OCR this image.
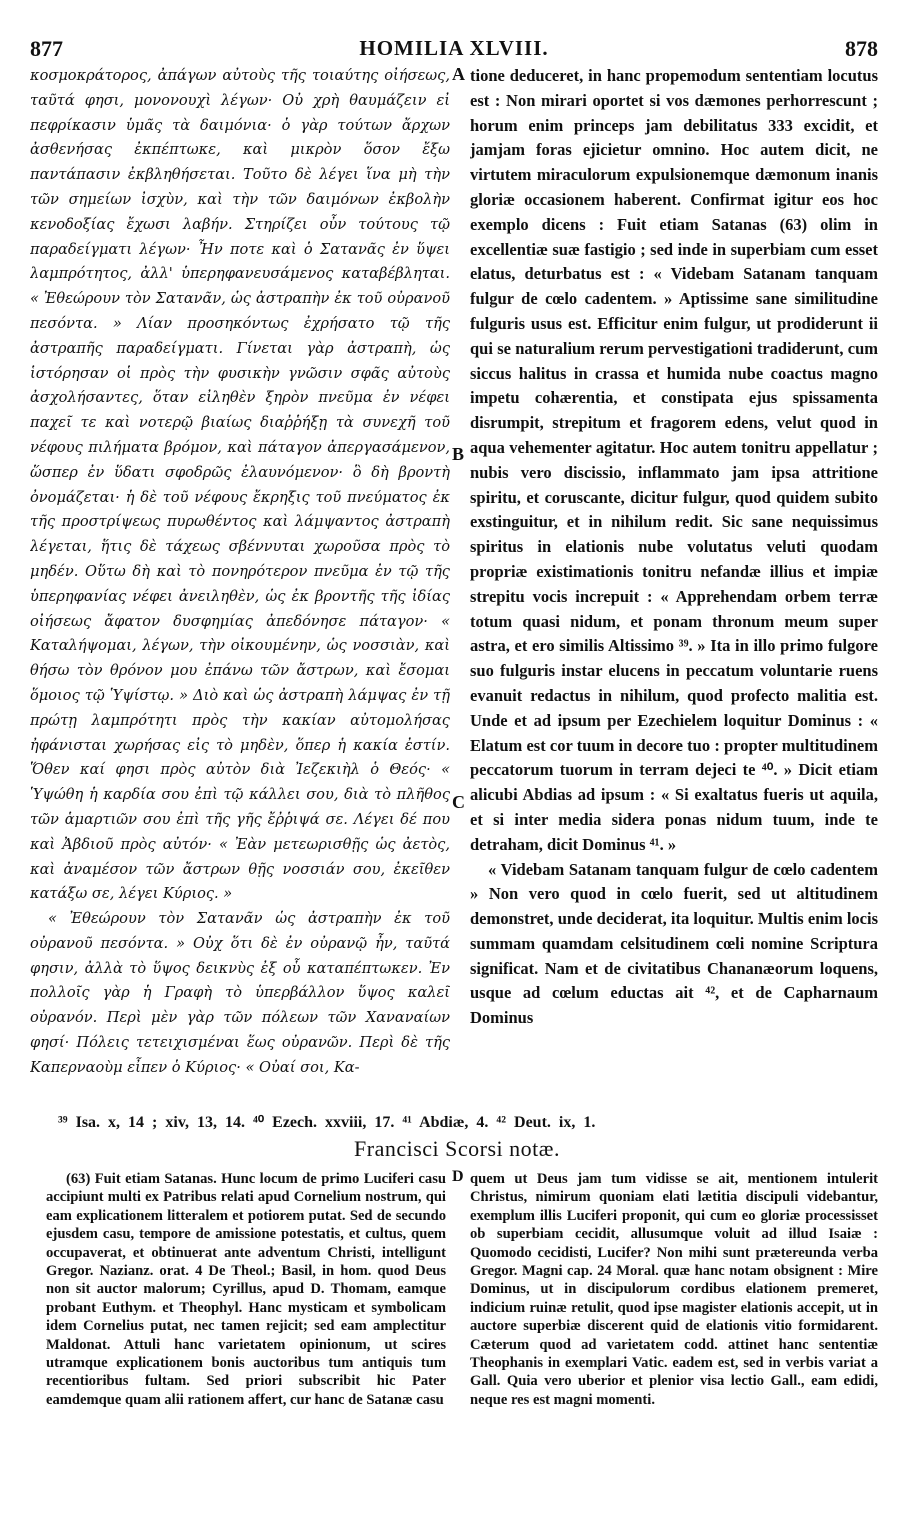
877	HOMILIA XLVIII.	878

κοσμοκράτορος, ἀπάγων αὐτοὺς τῆς τοιαύτης οἰήσεως, ταῦτά φησι, μονονουχὶ λέγων· Οὐ χρὴ θαυμάζειν εἰ πεφρίκασιν ὑμᾶς τὰ δαιμόνια· ὁ γὰρ τούτων ἄρχων ἀσθενήσας ἐκπέπτωκε, καὶ μικρὸν ὅσον ἔξω παντάπασιν ἐκβληθήσεται. Τοῦτο δὲ λέγει ἵνα μὴ τὴν τῶν σημείων ἰσχὺν, καὶ τὴν τῶν δαιμόνων ἐκβολὴν κενοδοξίας ἔχωσι λαβήν. Στηρίζει οὖν τούτους τῷ παραδείγματι λέγων· Ἦν ποτε καὶ ὁ Σατανᾶς ἐν ὕψει λαμπρότητος, ἀλλ' ὑπερηφανευσάμενος καταβέβληται. « Ἐθεώρουν τὸν Σατανᾶν, ὡς ἀστραπὴν ἐκ τοῦ οὐρανοῦ πεσόντα. » Λίαν προσηκόντως ἐχρήσατο τῷ τῆς ἀστραπῆς παραδείγματι. Γίνεται γὰρ ἀστραπὴ, ὡς ἱστόρησαν οἱ πρὸς τὴν φυσικὴν γνῶσιν σφᾶς αὐτοὺς ἀσχολήσαντες, ὅταν εἰληθὲν ξηρὸν πνεῦμα ἐν νέφει παχεῖ τε καὶ νοτερῷ βιαίως διαῤῥήξῃ τὰ συνεχῆ τοῦ νέφους πιλήματα βρόμον, καὶ πάταγον ἀπεργασάμενον, ὥσπερ ἐν ὕδατι σφοδρῶς ἐλαυνόμενον· ὃ δὴ βροντὴ ὀνομάζεται· ἡ δὲ τοῦ νέφους ἔκρηξις τοῦ πνεύματος ἐκ τῆς προστρίψεως πυρωθέντος καὶ λάμψαντος ἀστραπὴ λέγεται, ἥτις δὲ τάχεως σβέννυται χωροῦσα πρὸς τὸ μηδέν. Οὕτω δὴ καὶ τὸ πονηρότερον πνεῦμα ἐν τῷ τῆς ὑπερηφανίας νέφει ἀνειληθὲν, ὡς ἐκ βροντῆς τῆς ἰδίας οἰήσεως ἄφατον δυσφημίας ἀπεδόνησε πάταγον· « Καταλήψομαι, λέγων, τὴν οἰκουμένην, ὡς νοσσιὰν, καὶ θήσω τὸν θρόνον μου ἐπάνω τῶν ἄστρων, καὶ ἔσομαι ὅμοιος τῷ Ὑψίστῳ. » Διὸ καὶ ὡς ἀστραπὴ λάμψας ἐν τῇ πρώτῃ λαμπρότητι πρὸς τὴν κακίαν αὐτομολήσας ἠφάνισται χωρήσας εἰς τὸ μηδὲν, ὅπερ ἡ κακία ἐστίν. Ὅθεν καί φησι πρὸς αὐτὸν διὰ Ἰεζεκιὴλ ὁ Θεός· « Ὑψώθη ἡ καρδία σου ἐπὶ τῷ κάλλει σου, διὰ τὸ πλῆθος τῶν ἁμαρτιῶν σου ἐπὶ τῆς γῆς ἔῤῥιψά σε. Λέγει δέ που καὶ Ἀβδιοῦ πρὸς αὐτόν· « Ἐὰν μετεωρισθῇς ὡς ἀετὸς, καὶ ἀναμέσον τῶν ἄστρων θῇς νοσσιάν σου, ἐκεῖθεν κατάξω σε, λέγει Κύριος. »

« Ἐθεώρουν τὸν Σατανᾶν ὡς ἀστραπὴν ἐκ τοῦ οὐρανοῦ πεσόντα. » Οὐχ ὅτι δὲ ἐν οὐρανῷ ἦν, ταῦτά φησιν, ἀλλὰ τὸ ὕψος δεικνὺς ἐξ οὗ καταπέπτωκεν. Ἐν πολλοῖς γὰρ ἡ Γραφὴ τὸ ὑπερβάλλον ὕψος καλεῖ οὐρανόν. Περὶ μὲν γὰρ τῶν πόλεων τῶν Χαναναίων φησί· Πόλεις τετειχισμέναι ἕως οὐρανῶν. Περὶ δὲ τῆς Καπερναοὺμ εἶπεν ὁ Κύριος· « Οὐαί σοι, Κα-

A
B
C

tione deduceret, in hanc propemodum sententiam locutus est : Non mirari oportet si vos dæmones perhorrescunt ; horum enim princeps jam debilitatus 333 excidit, et jamjam foras ejicietur omnino. Hoc autem dicit, ne virtutem miraculorum expulsionemque dæmonum inanis gloriæ occasionem haberent. Confirmat igitur eos hoc exemplo dicens : Fuit etiam Satanas (63) olim in excellentiæ suæ fastigio ; sed inde in superbiam cum esset elatus, deturbatus est : « Videbam Satanam tanquam fulgur de cœlo cadentem. » Aptissime sane similitudine fulguris usus est. Efficitur enim fulgur, ut prodiderunt ii qui se naturalium rerum pervestigationi tradiderunt, cum siccus halitus in crassa et humida nube coactus magno impetu cohærentia, et constipata ejus spissamenta disrumpit, strepitum et fragorem edens, velut quod in aqua vehementer agitatur. Hoc autem tonitru appellatur ; nubis vero discissio, inflammato jam ipsa attritione spiritu, et coruscante, dicitur fulgur, quod quidem subito exstinguitur, et in nihilum redit. Sic sane nequissimus spiritus in elationis nube volutatus veluti quodam propriæ existimationis tonitru nefandæ illius et impiæ strepitu vocis increpuit : « Apprehendam orbem terræ totum quasi nidum, et ponam thronum meum super astra, et ero similis Altissimo ³⁹. » Ita in illo primo fulgore suo fulguris instar elucens in peccatum voluntarie ruens evanuit redactus in nihilum, quod profecto malitia est. Unde et ad ipsum per Ezechielem loquitur Dominus : « Elatum est cor tuum in decore tuo : propter multitudinem peccatorum tuorum in terram dejeci te ⁴⁰. » Dicit etiam alicubi Abdias ad ipsum : « Si exaltatus fueris ut aquila, et si inter media sidera ponas nidum tuum, inde te detraham, dicit Dominus ⁴¹. »

« Videbam Satanam tanquam fulgur de cœlo cadentem » Non vero quod in cœlo fuerit, sed ut altitudinem demonstret, unde deciderat, ita loquitur. Multis enim locis summam quamdam celsitudinem cœli nomine Scriptura significat. Nam et de civitatibus Chananæorum loquens, usque ad cœlum eductas ait ⁴², et de Capharnaum Dominus

³⁹ Isa. x, 14 ; xiv, 13, 14. ⁴⁰ Ezech. xxviii, 17. ⁴¹ Abdiæ, 4. ⁴² Deut. ix, 1.
Francisci Scorsi notæ.

(63) Fuit etiam Satanas. Hunc locum de primo Luciferi casu accipiunt multi ex Patribus relati apud Cornelium nostrum, qui eam explicationem litteralem et potiorem putat. Sed de secundo ejusdem casu, tempore de amissione potestatis, et cultus, quem occupaverat, et obtinuerat ante adventum Christi, intelligunt Gregor. Nazianz. orat. 4 De Theol.; Basil, in hom. quod Deus non sit auctor malorum; Cyrillus, apud D. Thomam, eamque probant Euthym. et Theophyl. Hanc mysticam et symbolicam idem Cornelius putat, nec tamen rejicit; sed eam amplectitur Maldonat. Attuli hanc varietatem opinionum, ut scires utramque explicationem bonis auctoribus tum antiquis tum recentioribus fultam. Sed priori subscribit hic Pater eamdemque quam alii rationem affert, cur hanc de Satanæ casu

D quem ut Deus jam tum vidisse se ait, mentionem intulerit Christus, nimirum quoniam elati lætitia discipuli videbantur, exemplum illis Luciferi proponit, qui cum eo gloriæ processisset ob superbiam cecidit, allusumque voluit ad illud Isaiæ : Quomodo cecidisti, Lucifer? Non mihi sunt prætereunda verba Gregor. Magni cap. 24 Moral. quæ hanc notam obsignent : Mire Dominus, ut in discipulorum cordibus elationem premeret, indicium ruinæ retulit, quod ipse magister elationis accepit, ut in auctore superbiæ discerent quid de elationis vitio formidarent. Cæterum quod ad varietatem codd. attinet hanc sententiæ Theophanis in exemplari Vatic. eadem est, sed in verbis variat a Gall. Quia vero uberior et plenior visa lectio Gall., eam edidi, neque res est magni momenti.
